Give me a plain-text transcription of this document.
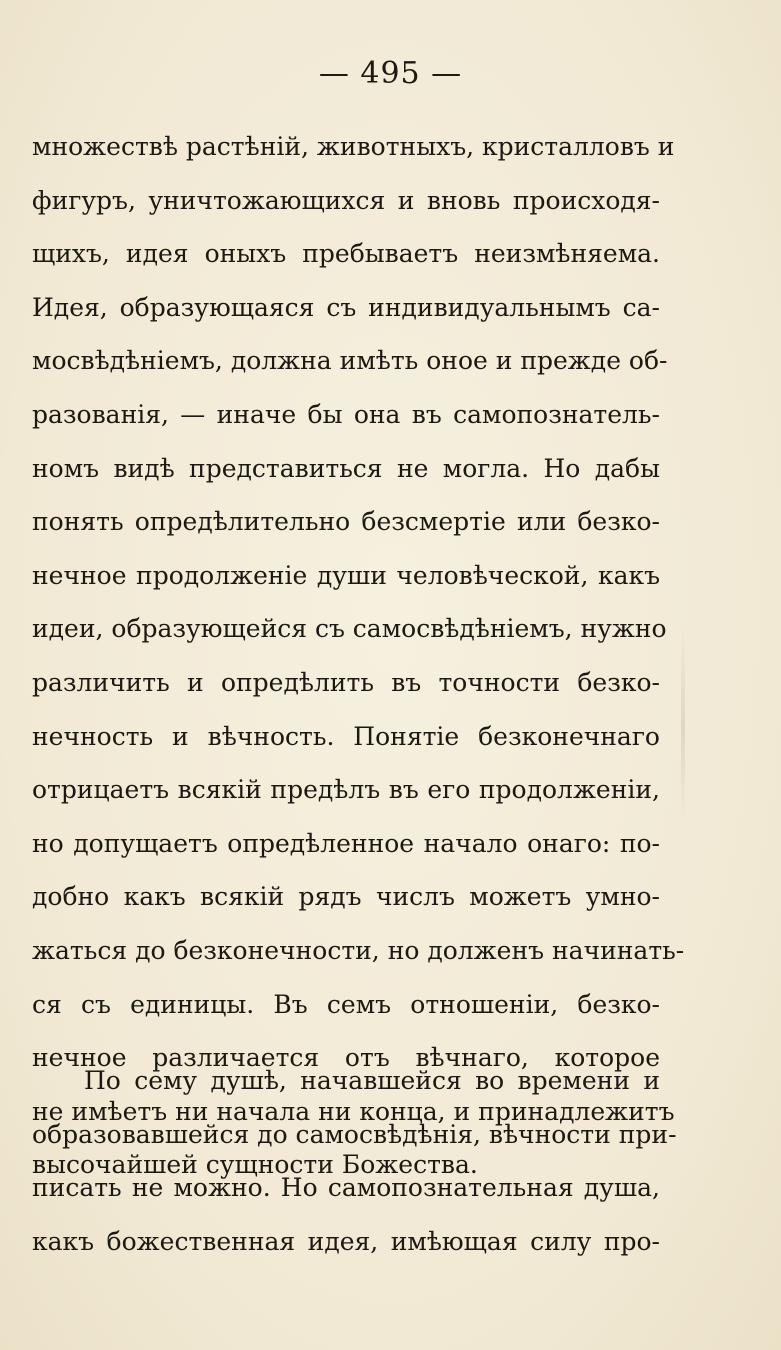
— 495 —
множествѣ растѣній, животныхъ, кристалловъ и
фигуръ, уничтожающихся и вновь происходя-
щихъ, идея оныхъ пребываетъ неизмѣняема.
Идея, образующаяся съ индивидуальнымъ са-
мосвѣдѣніемъ, должна имѣть оное и прежде об-
разованія, — иначе бы она въ самопознатель-
номъ видѣ представиться не могла. Но дабы
понять опредѣлительно безсмертіе или безко-
нечное продолженіе души человѣческой, какъ
идеи, образующейся съ самосвѣдѣніемъ, нужно
различить и опредѣлить въ точности безко-
нечность и вѣчность. Понятіе безконечнаго
отрицаетъ всякій предѣлъ въ его продолженіи,
но допущаетъ опредѣленное начало онаго: по-
добно какъ всякій рядъ числъ можетъ умно-
жаться до безконечности, но долженъ начинать-
ся съ единицы. Въ семъ отношеніи, безко-
нечное различается отъ вѣчнаго, которое
не имѣетъ ни начала ни конца, и принадлежитъ
высочайшей сущности Божества.
По сему душѣ, начавшейся во времени и
образовавшейся до самосвѣдѣнія, вѣчности при-
писать не можно. Но самопознательная душа,
какъ божественная идея, имѣющая силу про-
